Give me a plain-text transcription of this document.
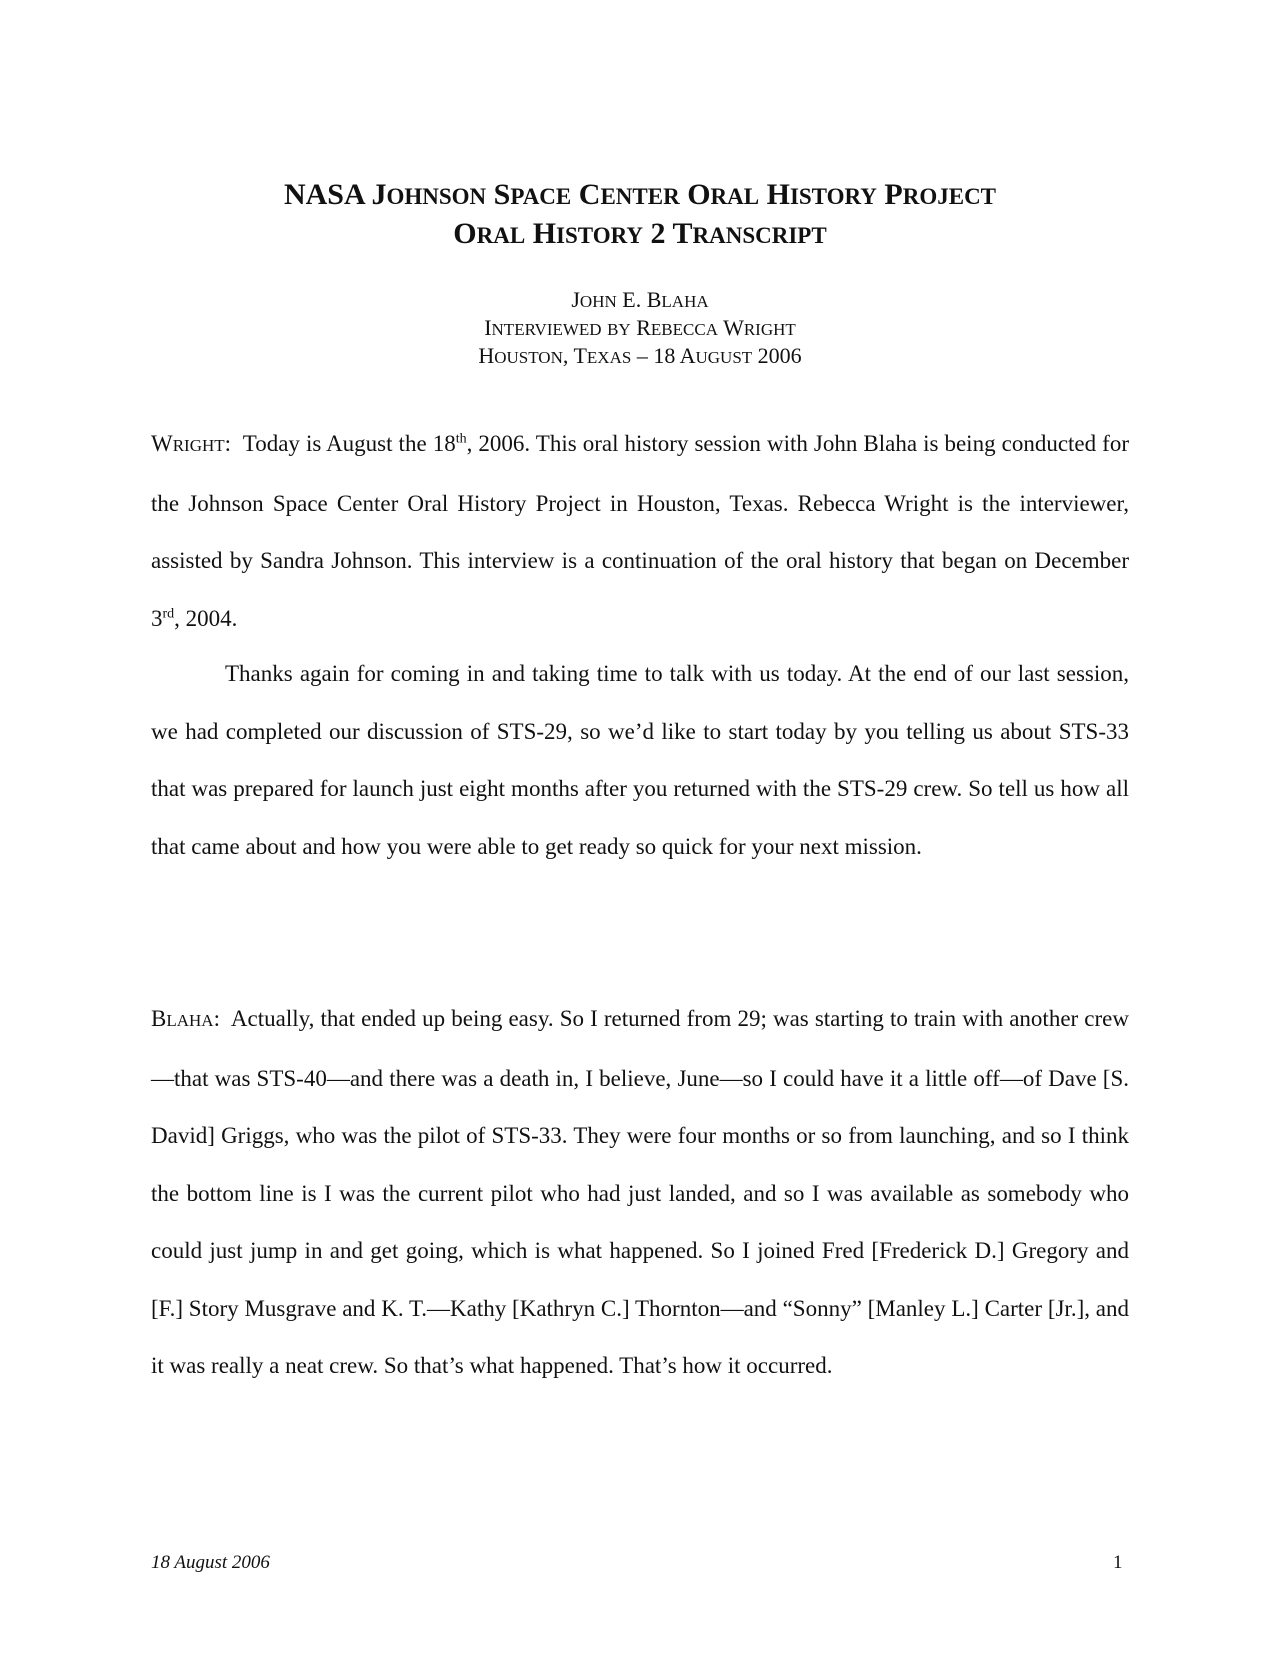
NASA JOHNSON SPACE CENTER ORAL HISTORY PROJECT
ORAL HISTORY 2 TRANSCRIPT
JOHN E. BLAHA
INTERVIEWED BY REBECCA WRIGHT
HOUSTON, TEXAS – 18 AUGUST 2006
WRIGHT: Today is August the 18th, 2006. This oral history session with John Blaha is being conducted for the Johnson Space Center Oral History Project in Houston, Texas. Rebecca Wright is the interviewer, assisted by Sandra Johnson. This interview is a continuation of the oral history that began on December 3rd, 2004.
Thanks again for coming in and taking time to talk with us today. At the end of our last session, we had completed our discussion of STS-29, so we’d like to start today by you telling us about STS-33 that was prepared for launch just eight months after you returned with the STS-29 crew. So tell us how all that came about and how you were able to get ready so quick for your next mission.
BLAHA: Actually, that ended up being easy. So I returned from 29; was starting to train with another crew—that was STS-40—and there was a death in, I believe, June—so I could have it a little off—of Dave [S. David] Griggs, who was the pilot of STS-33. They were four months or so from launching, and so I think the bottom line is I was the current pilot who had just landed, and so I was available as somebody who could just jump in and get going, which is what happened. So I joined Fred [Frederick D.] Gregory and [F.] Story Musgrave and K. T.—Kathy [Kathryn C.] Thornton—and “Sonny” [Manley L.] Carter [Jr.], and it was really a neat crew. So that’s what happened. That’s how it occurred.
18 August 2006	1
